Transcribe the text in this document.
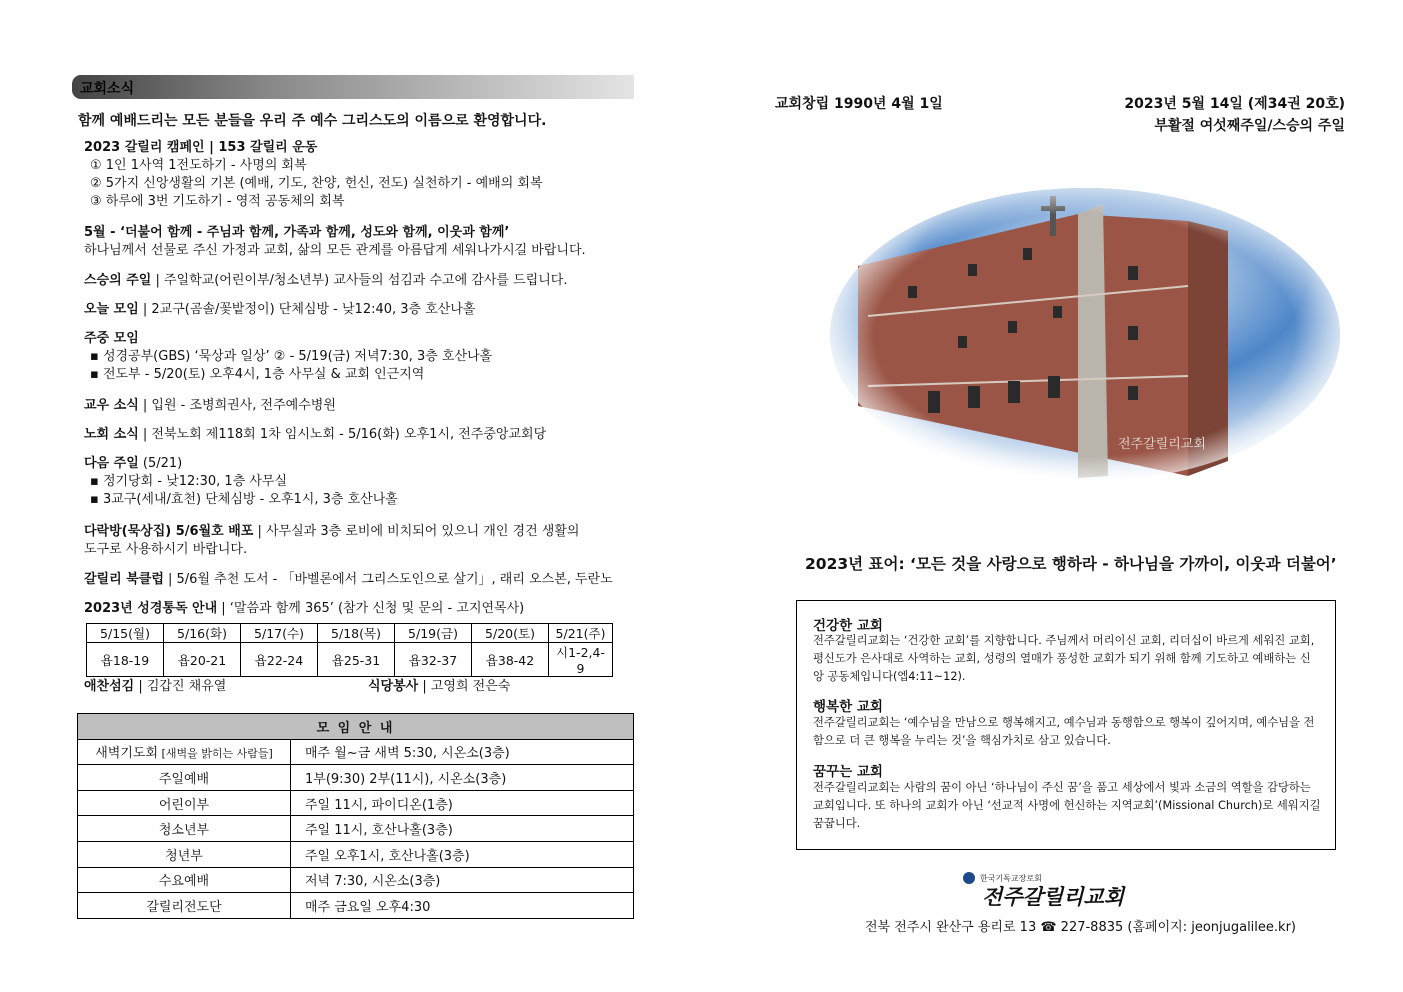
교회소식
함께 예배드리는 모든 분들을 우리 주 예수 그리스도의 이름으로 환영합니다.
2023 갈릴리 캠페인 | 153 갈릴리 운동
① 1인 1사역 1전도하기 - 사명의 회복
② 5가지 신앙생활의 기본 (예배, 기도, 찬양, 헌신, 전도) 실천하기 - 예배의 회복
③ 하루에 3번 기도하기 - 영적 공동체의 회복
5월 - ‘더불어 함께 - 주님과 함께, 가족과 함께, 성도와 함께, 이웃과 함께’
하나님께서 선물로 주신 가정과 교회, 삶의 모든 관계를 아름답게 세워나가시길 바랍니다.
스승의 주일 | 주일학교(어린이부/청소년부) 교사들의 섬김과 수고에 감사를 드립니다.
오늘 모임 | 2교구(곰솔/꽃밭정이) 단체심방 - 낮12:40, 3층 호산나홀
주중 모임
▪ 성경공부(GBS) ‘묵상과 일상’ ② - 5/19(금) 저녁7:30, 3층 호산나홀
▪ 전도부 - 5/20(토) 오후4시, 1층 사무실 & 교회 인근지역
교우 소식 | 입원 - 조병희권사, 전주예수병원
노회 소식 | 전북노회 제118회 1차 임시노회 - 5/16(화) 오후1시, 전주중앙교회당
다음 주일 (5/21)
▪ 정기당회 - 낮12:30, 1층 사무실
▪ 3교구(세내/효천) 단체심방 - 오후1시, 3층 호산나홀
다락방(묵상집) 5/6월호 배포 | 사무실과 3층 로비에 비치되어 있으니 개인 경건 생활의
도구로 사용하시기 바랍니다.
갈릴리 북클럽 | 5/6월 추천 도서 - 「바벨론에서 그리스도인으로 살기」, 래리 오스본, 두란노
2023년 성경통독 안내 | ‘말씀과 함께 365’ (참가 신청 및 문의 - 고지연목사)
5/15(월)	5/16(화)	5/17(수)	5/18(목)	5/19(금)	5/20(토)	5/21(주)
욥18-19	욥20-21	욥22-24	욥25-31	욥32-37	욥38-42	시1-2,4-9
애찬섬김 | 김갑진 채유열	식당봉사 | 고영희 전은숙
모 임 안 내	
새벽기도회 [새벽을 밝히는 사람들]	매주 월~금 새벽 5:30, 시온소(3층)
주일예배	1부(9:30) 2부(11시), 시온소(3층)
어린이부	주일 11시, 파이디온(1층)
청소년부	주일 11시, 호산나홀(3층)
청년부	주일 오후1시, 호산나홀(3층)
수요예배	저녁 7:30, 시온소(3층)
갈릴리전도단	매주 금요일 오후4:30
교회창립 1990년 4월 1일	2023년 5월 14일 (제34권 20호)
부활절 여섯째주일/스승의 주일
2023년 표어: ‘모든 것을 사랑으로 행하라 - 하나님을 가까이, 이웃과 더불어’
건강한 교회
전주갈릴리교회는 ‘건강한 교회’를 지향합니다. 주님께서 머리이신 교회, 리더십이 바르게 세워진 교회, 평신도가 은사대로 사역하는 교회, 성령의 열매가 풍성한 교회가 되기 위해 함께 기도하고 예배하는 신앙 공동체입니다(엡4:11~12).
행복한 교회
전주갈릴리교회는 ‘예수님을 만남으로 행복해지고, 예수님과 동행함으로 행복이 깊어지며, 예수님을 전함으로 더 큰 행복을 누리는 것’을 핵심가치로 삼고 있습니다.
꿈꾸는 교회
전주갈릴리교회는 사람의 꿈이 아닌 ‘하나님이 주신 꿈’을 품고 세상에서 빛과 소금의 역할을 감당하는 교회입니다. 또 하나의 교회가 아닌 ‘선교적 사명에 헌신하는 지역교회’(Missional Church)로 세워지길 꿈꿉니다.
한국기독교장로회
전주갈릴리교회
전북 전주시 완산구 용리로 13 ☎ 227-8835 (홈페이지: jeonjugalilee.kr)
